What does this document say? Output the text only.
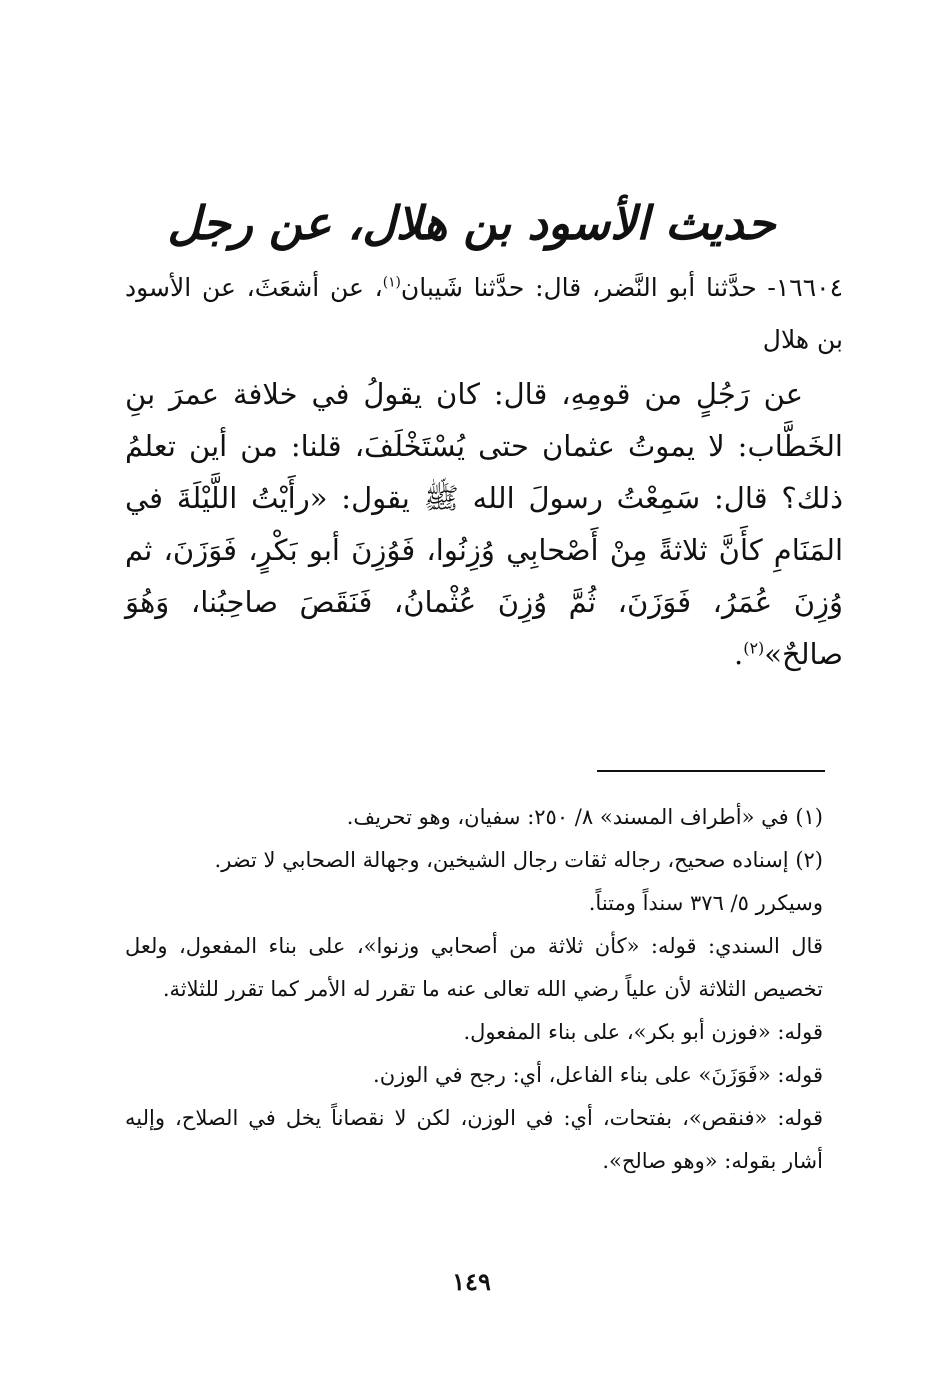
حديث الأسود بن هلال، عن رجل
١٦٦٠٤- حدَّثنا أبو النَّضر، قال: حدَّثنا شَيبان$^{(١)}$، عن أشعَثَ، عن الأسود بن هلال
عن رَجُلٍ من قومِهِ، قال: كان يقولُ في خلافة عمرَ بنِ الخَطَّاب: لا يموتُ عثمان حتى يُسْتَخْلَفَ، قلنا: من أين تعلمُ ذلك؟ قال: سَمِعْتُ رسولَ الله ﷺ يقول: «رأَيْتُ اللَّيْلَةَ في المَنَامِ كأَنَّ ثلاثةً مِنْ أَصْحابِي وُزِنُوا، فَوُزِنَ أبو بَكْرٍ، فَوَزَنَ، ثم وُزِنَ عُمَرُ، فَوَزَنَ، ثُمَّ وُزِنَ عُثْمانُ، فَنَقَصَ صاحِبُنا، وَهُوَ صالحٌ»$^{(٢)}$.

(١) في «أطراف المسند» ٨/ ٢٥٠: سفيان، وهو تحريف.

(٢) إسناده صحيح، رجاله ثقات رجال الشيخين، وجهالة الصحابي لا تضر.

وسيكرر ٥/ ٣٧٦ سنداً ومتناً.

قال السندي: قوله: «كأن ثلاثة من أصحابي وزنوا»، على بناء المفعول، ولعل تخصيص الثلاثة لأن علياً رضي الله تعالى عنه ما تقرر له الأمر كما تقرر للثلاثة.

قوله: «فوزن أبو بكر»، على بناء المفعول.

قوله: «فَوَزَنَ» على بناء الفاعل، أي: رجح في الوزن.

قوله: «فنقص»، بفتحات، أي: في الوزن، لكن لا نقصاناً يخل في الصلاح، وإليه أشار بقوله: «وهو صالح».

١٤٩
